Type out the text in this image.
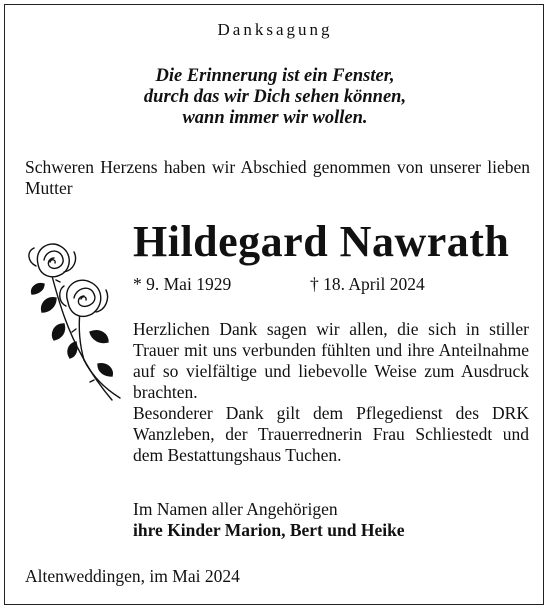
Danksagung
Die Erinnerung ist ein Fenster,
durch das wir Dich sehen können,
wann immer wir wollen.
Schweren Herzens haben wir Abschied genommen von unserer lieben Mutter
Hildegard Nawrath
* 9. Mai 1929	† 18. April 2024

Herzlichen Dank sagen wir allen, die sich in stiller Trauer mit uns verbunden fühlten und ihre Anteilnahme auf so vielfältige und liebevolle Weise zum Ausdruck brachten.

Besonderer Dank gilt dem Pflegedienst des DRK Wanzleben, der Trauerrednerin Frau Schliestedt und dem Bestattungshaus Tuchen.

Im Namen aller Angehörigen
ihre Kinder Marion, Bert und Heike
Altenweddingen, im Mai 2024
